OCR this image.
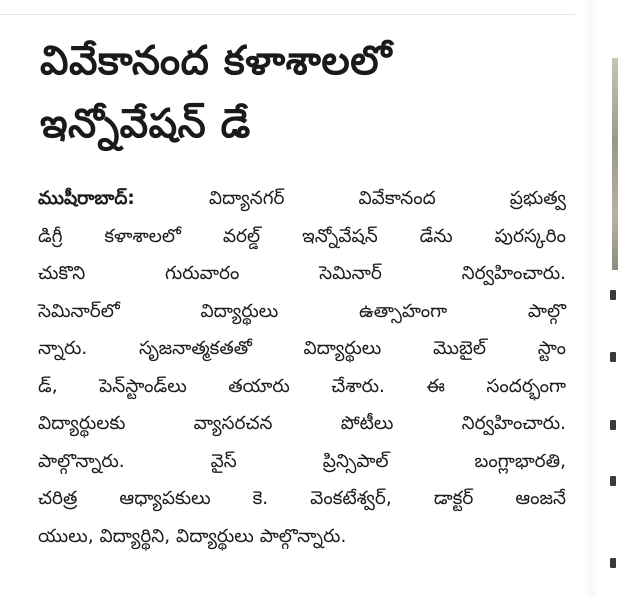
వివేకానంద కళాశాలలో
ఇన్నోవేషన్ డే
ముషీరాబాద్: విద్యానగర్ వివేకానంద ప్రభుత్వ
డిగ్రీ కళాశాలలో వరల్డ్ ఇన్నోవేషన్ డేను పురస్కరిం
చుకొని గురువారం సెమినార్ నిర్వహించారు.
సెమినార్‌లో విద్యార్థులు ఉత్సాహంగా పాల్గొ
న్నారు. సృజనాత్మకతతో విద్యార్థులు మొబైల్ స్టాం
డ్, పెన్‌స్టాండ్‌లు తయారు చేశారు. ఈ సందర్భంగా
విద్యార్థులకు వ్యాసరచన పోటీలు నిర్వహించారు.
పాల్గొన్నారు. వైస్ ప్రిన్సిపాల్ బంగ్లాభారతి,
చరిత్ర ఆధ్యాపకులు కె. వెంకటేశ్వర్, డాక్టర్ ఆంజనే
యులు, విద్యార్థిని, విద్యార్థులు పాల్గొన్నారు.
